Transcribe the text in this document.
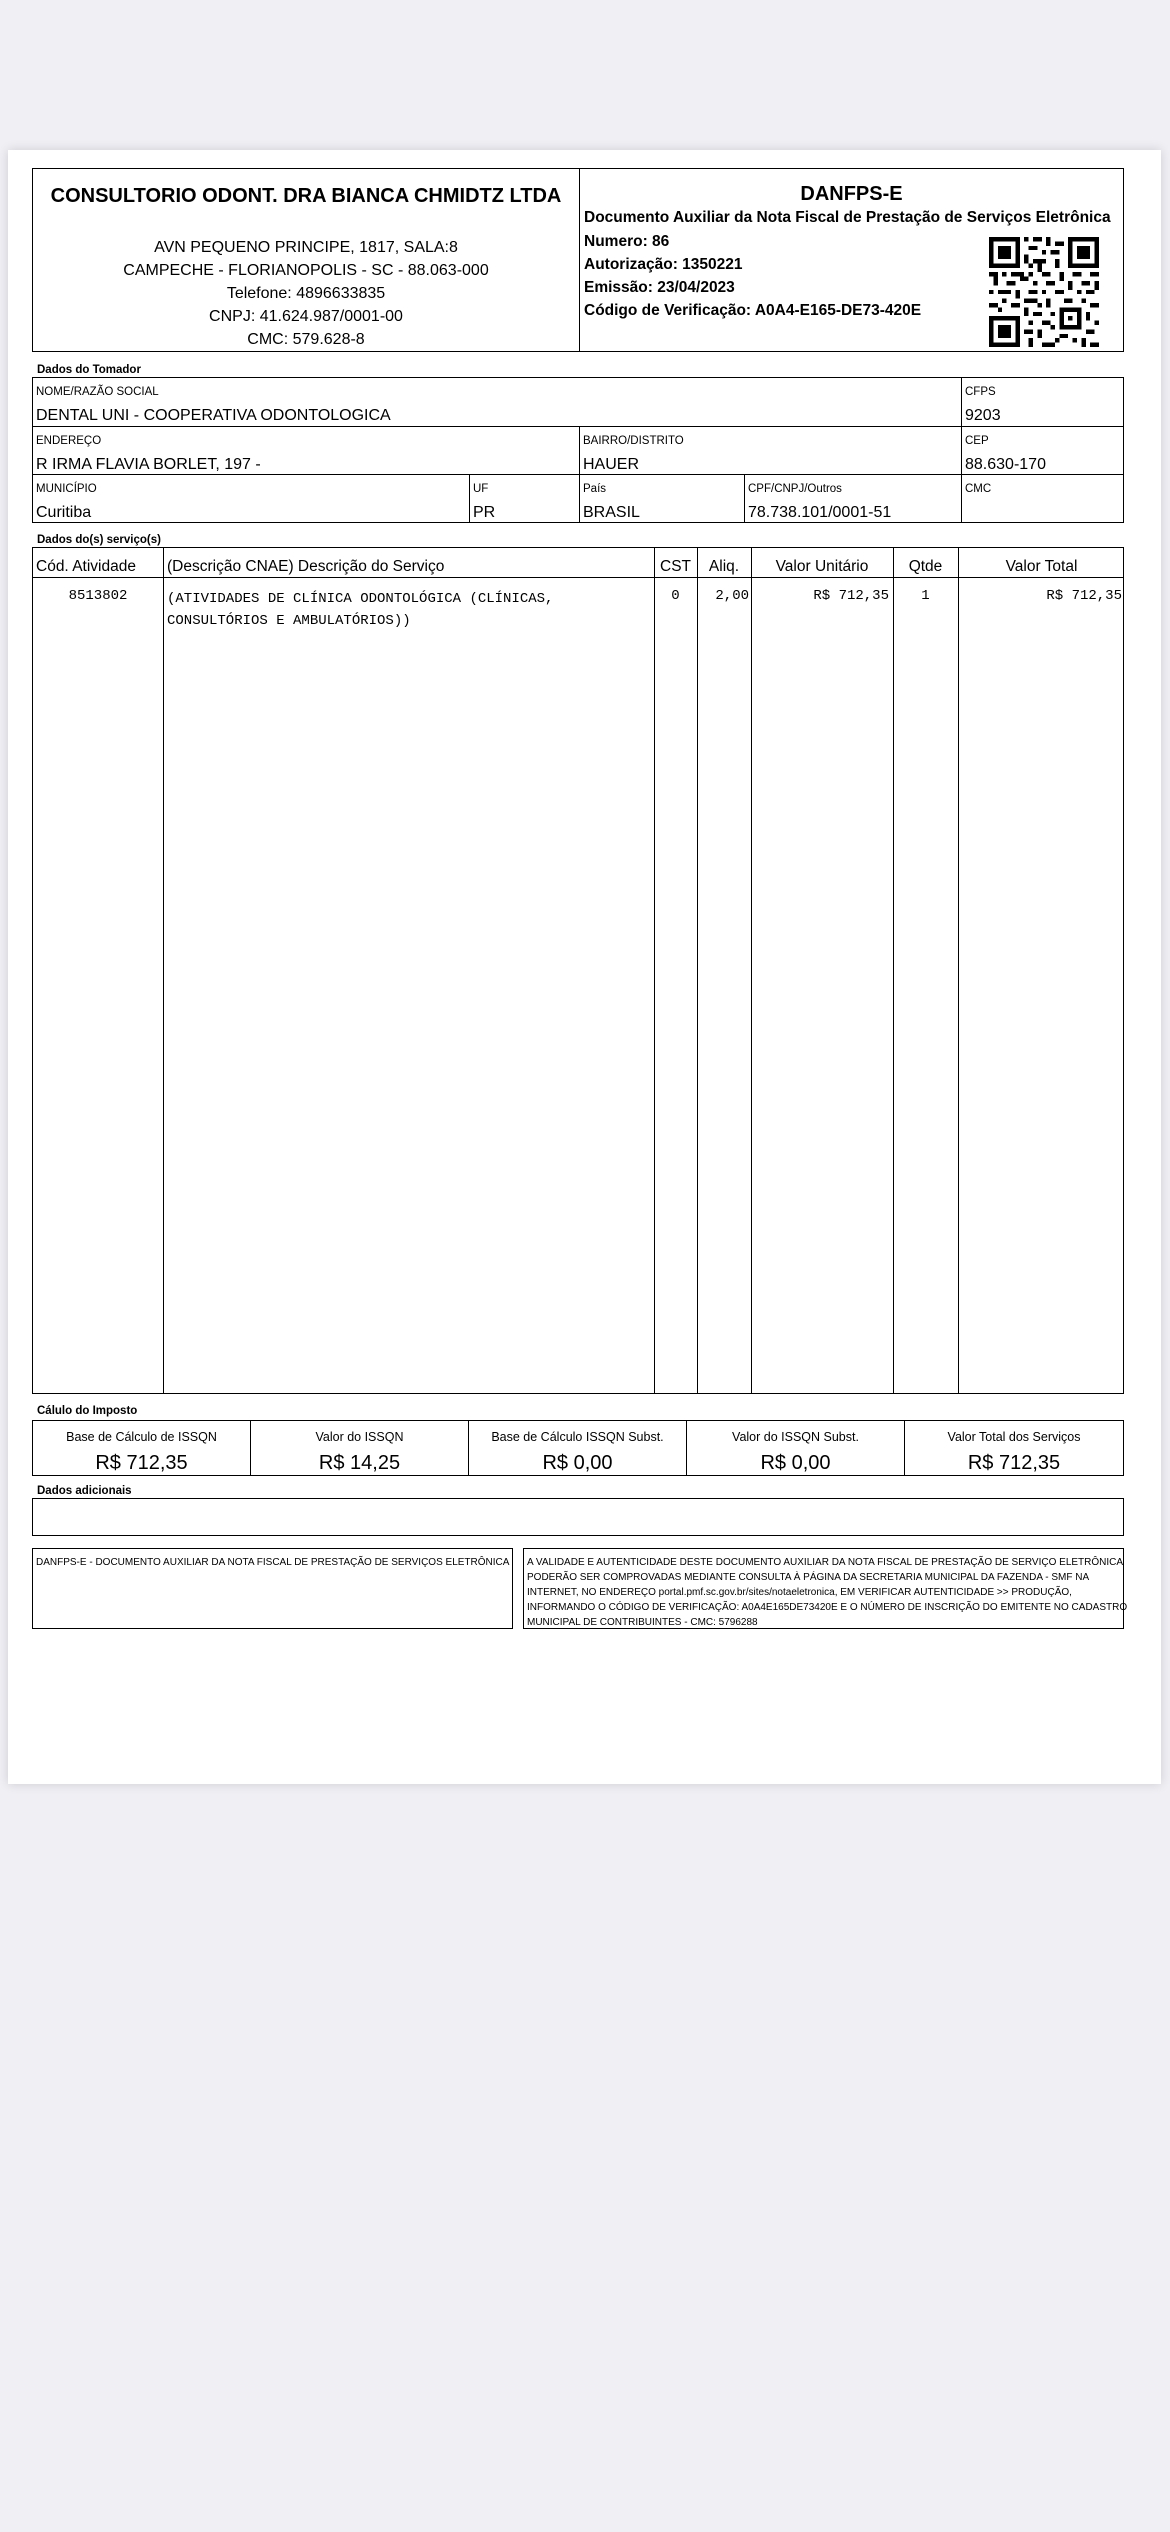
CONSULTORIO ODONT. DRA BIANCA CHMIDTZ LTDA
AVN PEQUENO PRINCIPE, 1817, SALA:8
CAMPECHE - FLORIANOPOLIS - SC - 88.063-000
Telefone: 4896633835
CNPJ: 41.624.987/0001-00
CMC: 579.628-8
DANFPS-E
Documento Auxiliar da Nota Fiscal de Prestação de Serviços Eletrônica
Numero: 86
Autorização: 1350221
Emissão: 23/04/2023
Código de Verificação: A0A4-E165-DE73-420E
Dados do Tomador
NOME/RAZÃO SOCIAL
DENTAL UNI - COOPERATIVA ODONTOLOGICA
CFPS
9203
ENDEREÇO
R IRMA FLAVIA BORLET, 197 -
BAIRRO/DISTRITO
HAUER
CEP
88.630-170
MUNICÍPIO
Curitiba
UF
PR
País
BRASIL
CPF/CNPJ/Outros
78.738.101/0001-51
CMC
Dados do(s) serviço(s)
Cód. Atividade (Descrição CNAE) Descrição do Serviço	CST	Aliq.	Valor Unitário	Qtde	Valor Total
8513802	(ATIVIDADES DE CLÍNICA ODONTOLÓGICA (CLÍNICAS,
CONSULTÓRIOS E AMBULATÓRIOS))
0	2,00	R$ 712,35	1	R$ 712,35
Cálulo do Imposto
Base de Cálculo de ISSQN
R$ 712,35
Valor do ISSQN
R$ 14,25
Base de Cálculo ISSQN Subst.
R$ 0,00
Valor do ISSQN Subst.
R$ 0,00
Valor Total dos Serviços
R$ 712,35
Dados adicionais
DANFPS-E - DOCUMENTO AUXILIAR DA NOTA FISCAL DE PRESTAÇÃO DE SERVIÇOS ELETRÔNICA A VALIDADE E AUTENTICIDADE DESTE DOCUMENTO AUXILIAR DA NOTA FISCAL DE PRESTAÇÃO DE SERVIÇO ELETRÔNICA
PODERÃO SER COMPROVADAS MEDIANTE CONSULTA À PÁGINA DA SECRETARIA MUNICIPAL DA FAZENDA - SMF NA
INTERNET, NO ENDEREÇO portal.pmf.sc.gov.br/sites/notaeletronica, EM VERIFICAR AUTENTICIDADE >> PRODUÇÃO,
INFORMANDO O CÓDIGO DE VERIFICAÇÃO: A0A4E165DE73420E E O NÚMERO DE INSCRIÇÃO DO EMITENTE NO CADASTRO
MUNICIPAL DE CONTRIBUINTES - CMC: 5796288
